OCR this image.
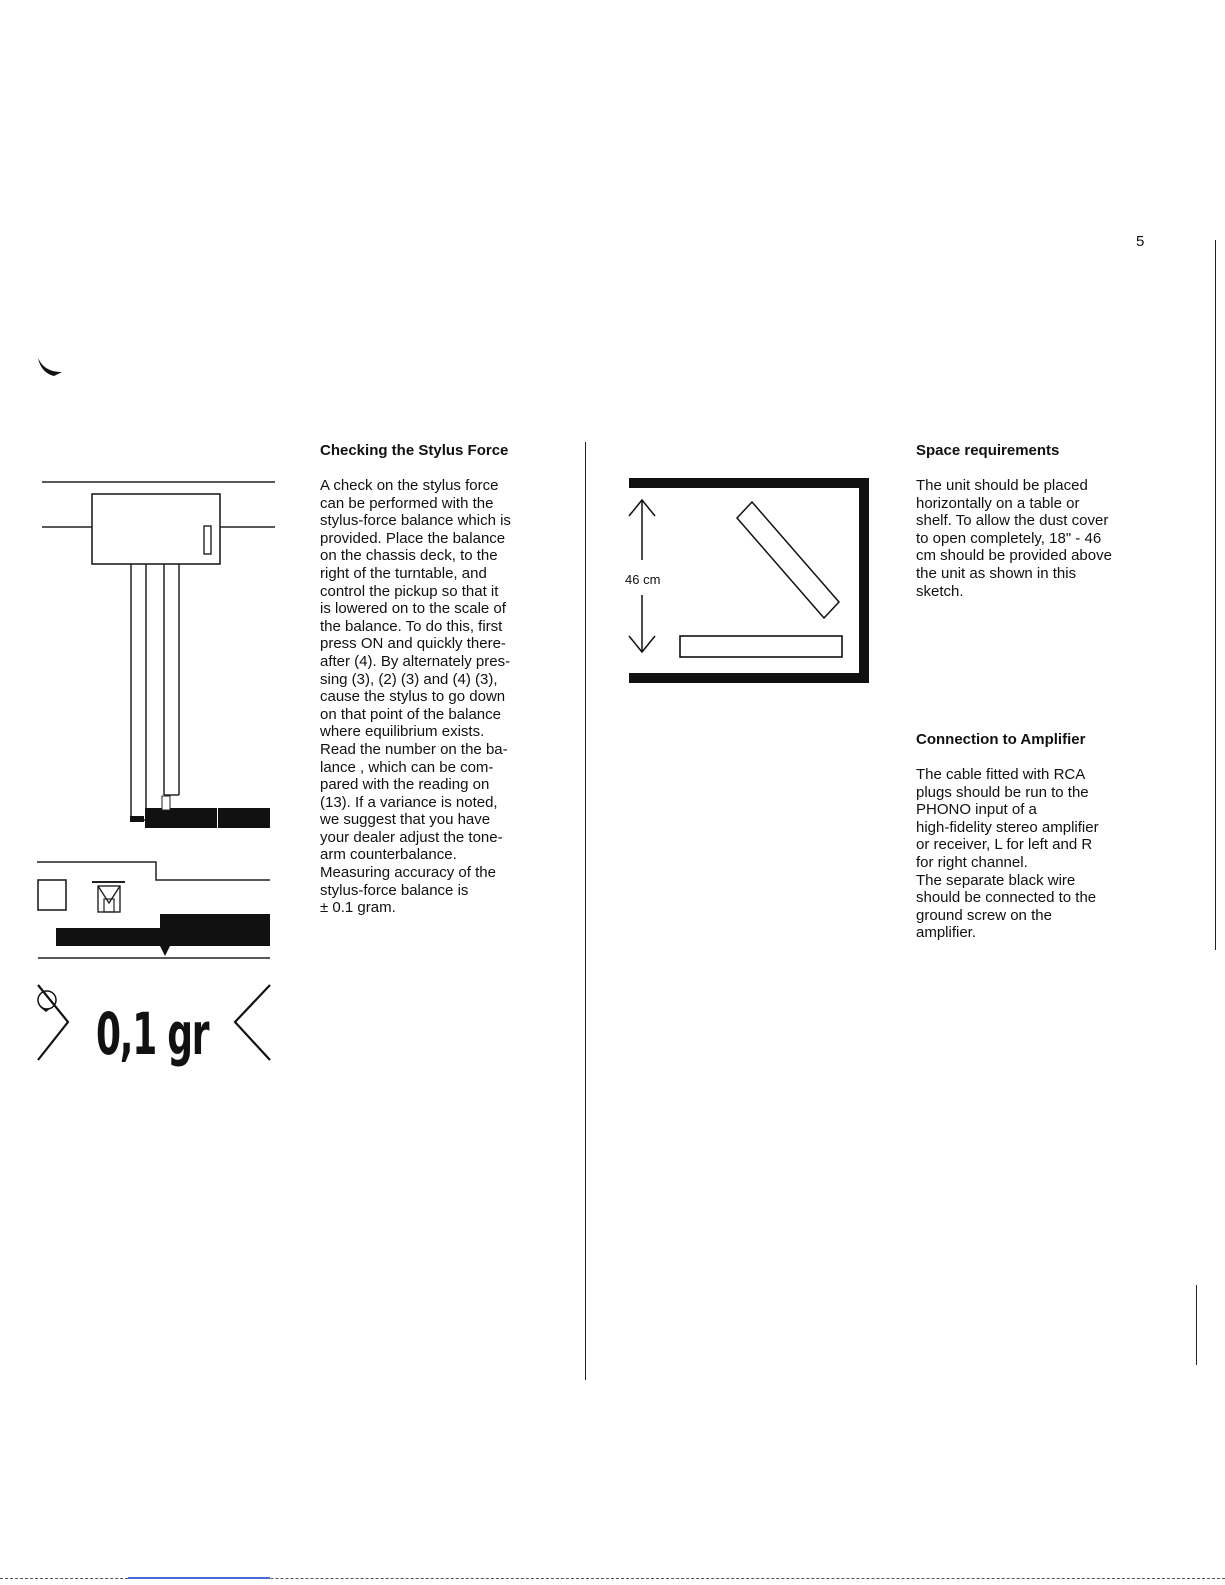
5
0,1 gr
Checking the Stylus Force

A check on the stylus force
can be performed with the
stylus-force balance which is
provided. Place the balance
on the chassis deck, to the
right of the turntable, and
control the pickup so that it
is lowered on to the scale of
the balance. To do this, first
press ON and quickly there-
after (4). By alternately pres-
sing (3), (2) (3) and (4) (3),
cause the stylus to go down
on that point of the balance
where equilibrium exists.
Read the number on the ba-
lance , which can be com-
pared with the reading on
(13). If a variance is noted,
we suggest that you have
your dealer adjust the tone-
arm counterbalance.
Measuring accuracy of the
stylus-force balance is
± 0.1 gram.

46 cm
Space requirements

The unit should be placed
horizontally on a table or
shelf. To allow the dust cover
to open completely, 18" - 46
cm should be provided above
the unit as shown in this
sketch.

Connection to Amplifier

The cable fitted with RCA
plugs should be run to the
PHONO input of a
high-fidelity stereo amplifier
or receiver, L for left and R
for right channel.
The separate black wire
should be connected to the
ground screw on the
amplifier.
